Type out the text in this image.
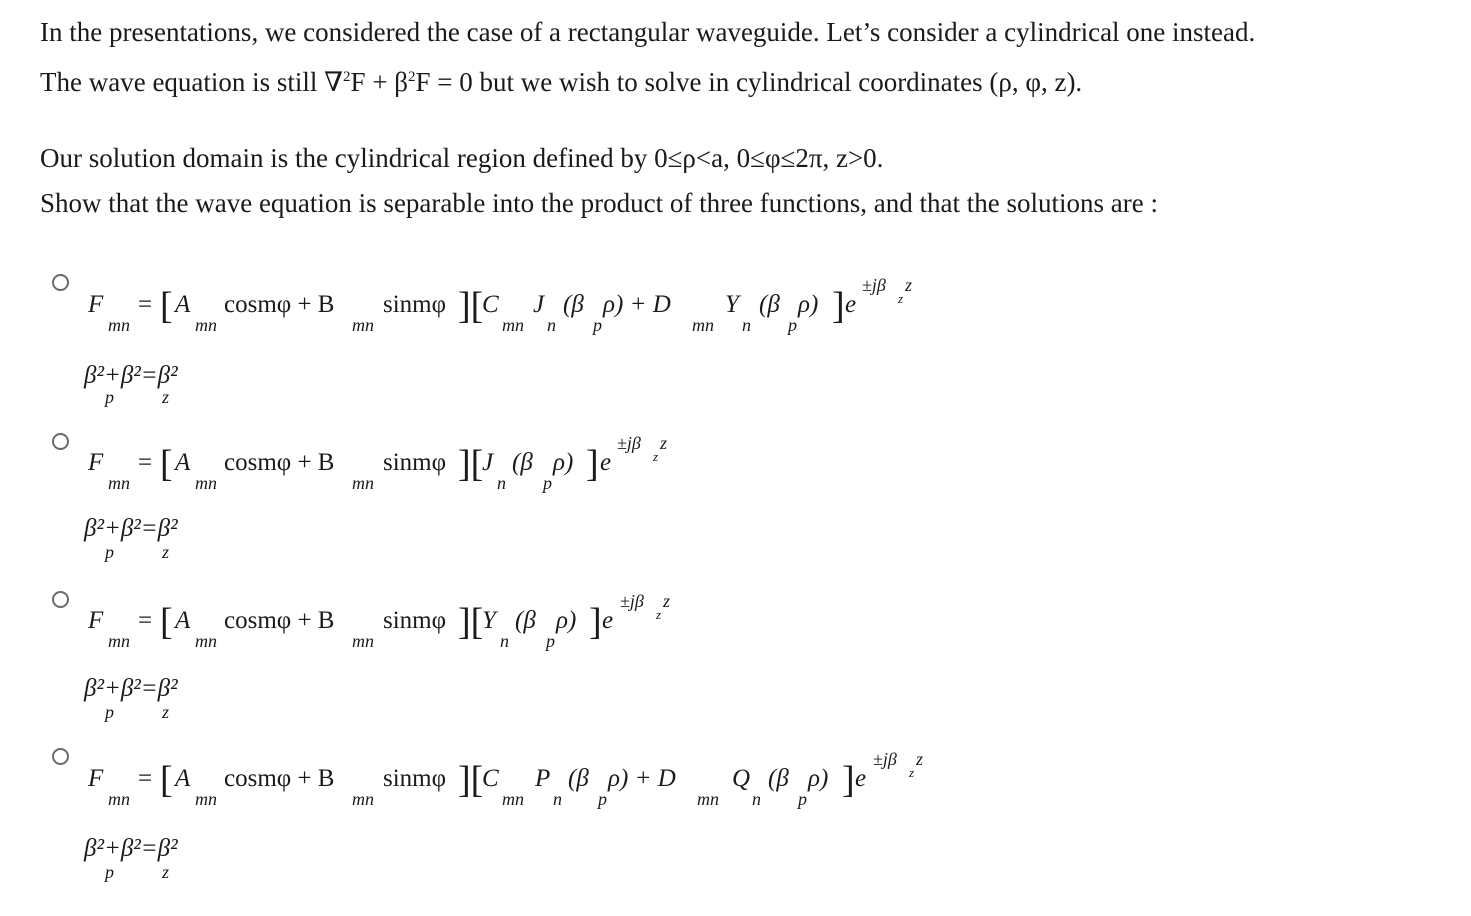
In the presentations, we considered the case of a rectangular waveguide. Let’s consider a cylindrical one instead.
The wave equation is still $\nabla^2F + \beta^2F = 0$ but we wish to solve in cylindrical coordinates (ρ, φ, z).

Our solution domain is the cylindrical region defined by 0≤ρ<a, 0≤φ≤2π, z>0.
Show that the wave equation is separable into the product of three functions, and that the solutions are :

F
mn
= [ A
mn
cosmφ + B
mn
sinmφ ][
C
mn
J
n
(β
p
ρ) + D
mn
Y
n
(β
p
ρ) ] e
±jβ z
z
β²+β²=β²
p	z
F
mn
= [ A
mn
cosmφ + B
mn
sinmφ ][
J
n
(β
p
ρ) ] e
±jβ z
z
β²+β²=β²
p	z
F
mn
= [ A
mn
cosmφ + B
mn
sinmφ ][
Y
n
(β
p
ρ) ] e
±jβ z
z
β²+β²=β²
p	z
F
mn
= [ A
mn
cosmφ + B
mn
sinmφ ][
C
mn
P
n
(β
p
ρ) + D
mn
Q
n
(β
p
ρ) ] e
±jβ z
z
β²+β²=β²
p	z
